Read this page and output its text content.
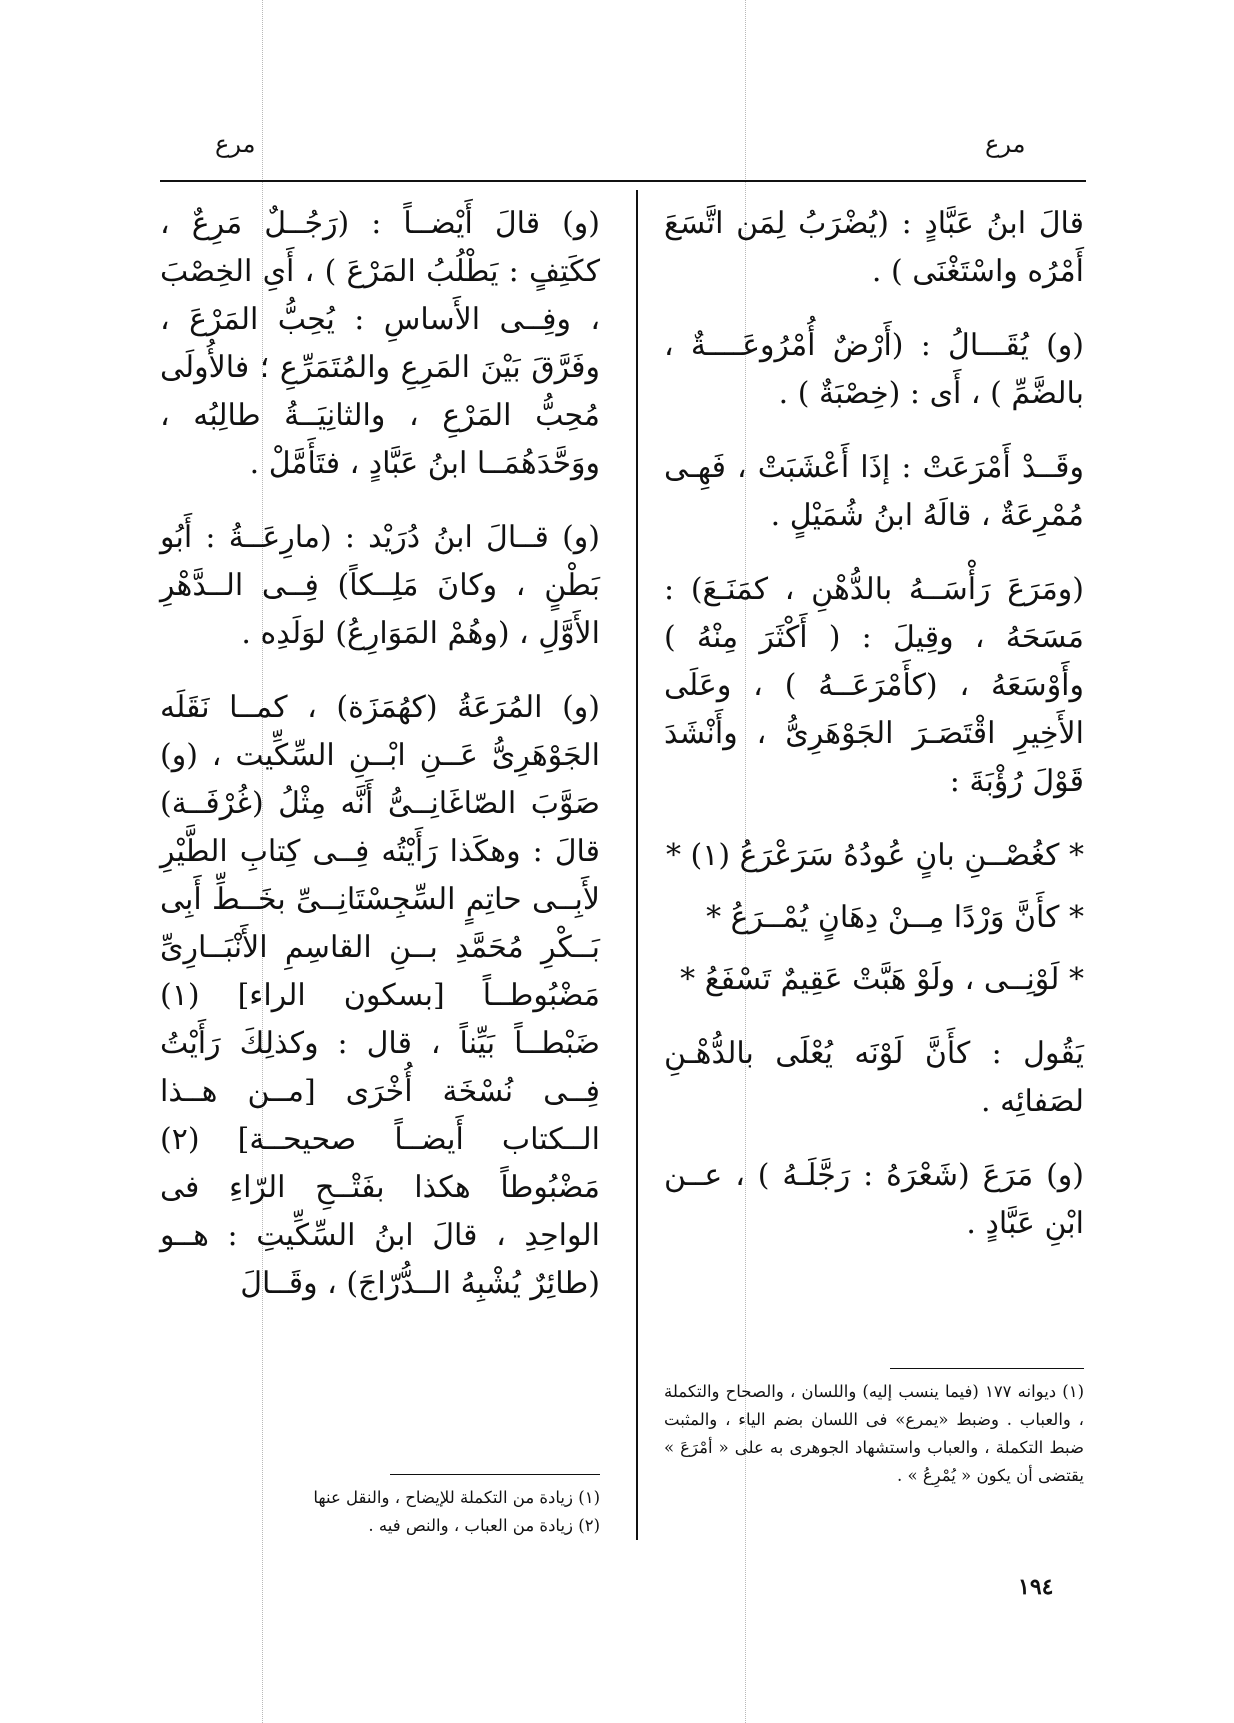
مرع	مرع

قالَ ابنُ عَبَّادٍ : (يُضْرَبُ لِمَن اتَّسَعَ أَمْرُه واسْتَغْنَى ) .

(و) يُقَـــالُ : (أَرْضٌ أُمْرُوعَــــةٌ ، بالضَّمِّ ) ، أَى : (خِصْبَةٌ ) .

وقَــدْ أَمْرَعَتْ : إذَا أَعْشَبَتْ ، فَهِـى مُمْرِعَةٌ ، قالَهُ ابنُ شُمَيْلٍ .

(ومَرَعَ رَأْسَــهُ بالدُّهْنِ ، كمَنَـعَ) : مَسَحَهُ ، وقِيلَ : ( أَكْثَرَ مِنْهُ ) وأَوْسَعَهُ ، (كأَمْرَعَــهُ ) ، وعَلَى الأَخِيرِ اقْتَصَـرَ الجَوْهَرِىُّ ، وأَنْشَدَ قَوْلَ رُؤْبَةَ :

* كغُصْــنِ بانٍ عُودُهُ سَرَعْرَعُ (١) *

* كأَنَّ وَرْدًا مِــنْ دِهَانٍ يُمْــرَعُ *

* لَوْنِــى ، ولَوْ هَبَّتْ عَقِيمٌ تَسْفَعُ *

يَقُول : كأَنَّ لَوْنَه يُعْلَى بالدُّهْـنِ لصَفائِه .

(و) مَرَعَ (شَعْرَهُ : رَجَّلَـهُ ) ، عــن ابْنِ عَبَّادٍ .

(١) ديوانه ١٧٧ (فيما ينسب إليه) واللسان ، والصحاح والتكملة ، والعباب . وضبط «يمرع» فى اللسان بضم الياء ، والمثبت ضبط التكملة ، والعباب واستشهاد الجوهرى به على « أمْرَعَ » يقتضى أن يكون « يُمْرِعُ » .

(و) قالَ أَيْضــاً : (رَجُــلٌ مَرِعٌ ، ككَتِفٍ : يَطْلُبُ المَرْعَ ) ، أَىِ الخِصْبَ ، وفِــى الأَساسِ : يُحِبُّ المَرْعَ ، وفَرَّقَ بَيْنَ المَرِعِ والمُتَمَرِّعِ ؛ فالأُولَى مُحِبُّ المَرْعِ ، والثانِيَــةُ طالِبُه ، ووَحَّدَهُمَــا ابنُ عَبَّادٍ ، فتَأَمَّلْ .

(و) قــالَ ابنُ دُرَيْد : (مارِعَــةُ : أَبُو بَطْنٍ ، وكانَ مَلِــكاً) فِــى الــدَّهْرِ الأَوَّلِ ، (وهُمْ المَوَارِعُ) لوَلَدِه .

(و) المُرَعَةُ (كهُمَزَة) ، كمــا نَقَلَه الجَوْهَرِىُّ عَــنِ ابْــنِ السِّكِّيت ، (و) صَوَّبَ الصّاغَانِــىُّ أَنَّه مِثْلُ (غُرْفَــة) قالَ : وهكَذا رَأَيْتُه فِــى كِتابِ الطَّيْرِ لأَبِــى حاتِمٍ السِّجِسْتَانِــىِّ بخَــطِّ أَبِى بَــكْرِ مُحَمَّدِ بــنِ القاسِمِ الأَنْبَــارِىِّ مَضْبُوطــاً [بسكون الراء] (١) ضَبْطــاً بَيِّناً ، قال : وكذلِكَ رَأَيْتُ فِــى نُسْخَة أُخْرَى [مــن هــذا الــكتاب أَيضــاً صحيحــة] (٢) مَضْبُوطاً هكذا بفَتْــحِ الرّاءِ فى الواحِدِ ، قالَ ابنُ السِّكِّيتِ : هــو (طائِرٌ يُشْبِهُ الــدُّرّاجَ) ، وقَــالَ

(١) زيادة من التكملة للإيضاح ، والنقل عنها
(٢) زيادة من العباب ، والنص فيه .
١٩٤
